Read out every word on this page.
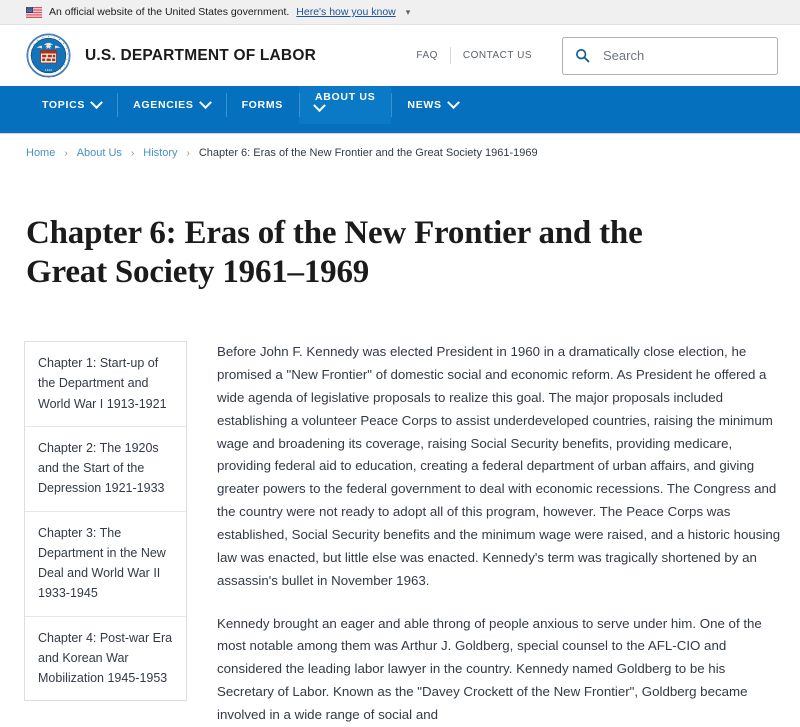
An official website of the United States government. Here's how you know ▾
1913
U.S. DEPARTMENT OF LABOR	FAQ	CONTACT US
Search
TOPICS	AGENCIES	FORMS
ABOUT US
NEWS
Home › About Us › History › Chapter 6: Eras of the New Frontier and the Great Society 1961-1969
Chapter 6: Eras of the New Frontier and the Great Society 1961–1969
Chapter 1: Start-up of the Department and World War I 1913-1921
Chapter 2: The 1920s and the Start of the Depression 1921-1933
Chapter 3: The Department in the New Deal and World War II 1933-1945
Chapter 4: Post-war Era and Korean War Mobilization 1945-1953

Before John F. Kennedy was elected President in 1960 in a dramatically close election, he promised a "New Frontier" of domestic social and economic reform. As President he offered a wide agenda of legislative proposals to realize this goal. The major proposals included establishing a volunteer Peace Corps to assist underdeveloped countries, raising the minimum wage and broadening its coverage, raising Social Security benefits, providing medicare, providing federal aid to education, creating a federal department of urban affairs, and giving greater powers to the federal government to deal with economic recessions. The Congress and the country were not ready to adopt all of this program, however. The Peace Corps was established, Social Security benefits and the minimum wage were raised, and a historic housing law was enacted, but little else was enacted. Kennedy's term was tragically shortened by an assassin's bullet in November 1963.

Kennedy brought an eager and able throng of people anxious to serve under him. One of the most notable among them was Arthur J. Goldberg, special counsel to the AFL-CIO and considered the leading labor lawyer in the country. Kennedy named Goldberg to be his Secretary of Labor. Known as the "Davey Crockett of the New Frontier", Goldberg became involved in a wide range of social and
